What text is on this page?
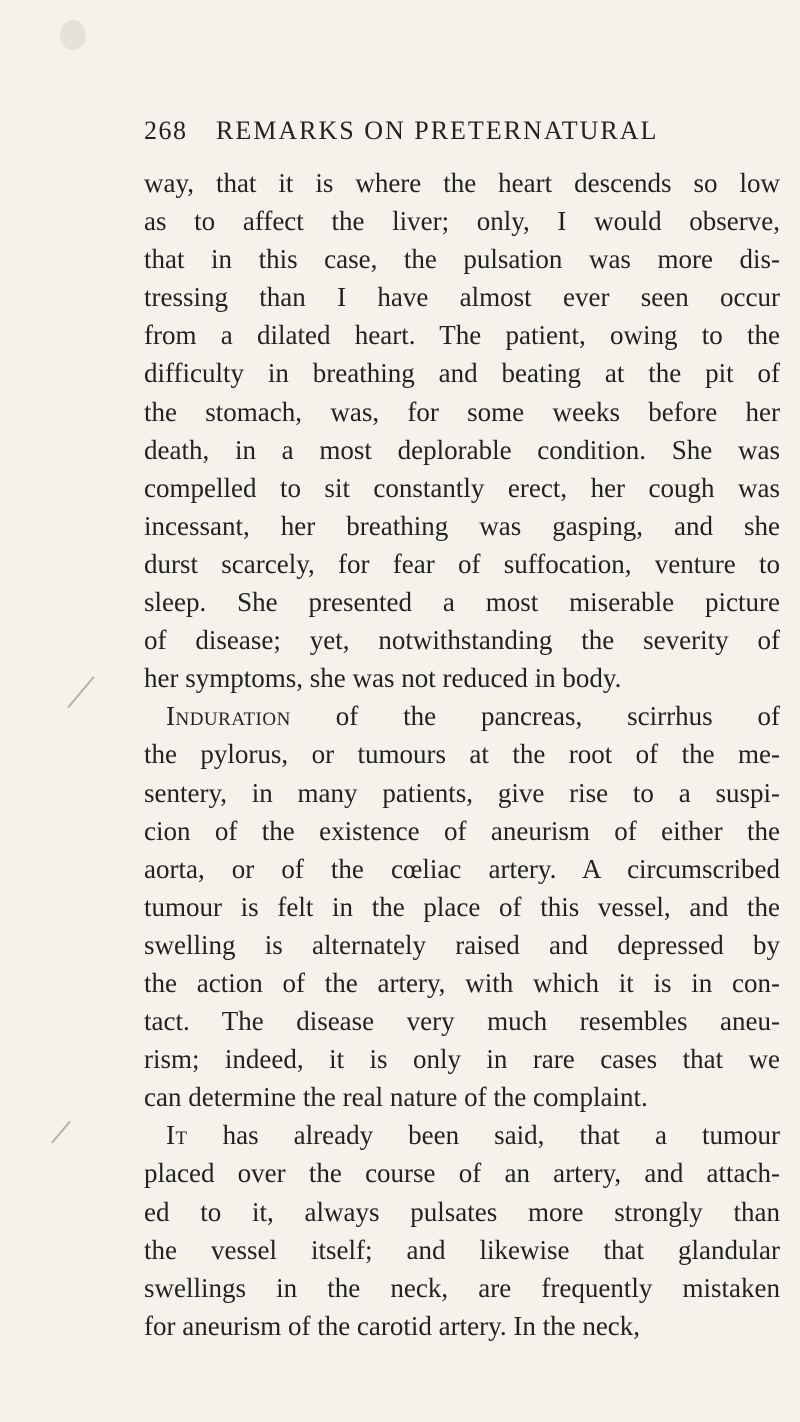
268	REMARKS ON PRETERNATURAL
way, that it is where the heart descends so low
as to affect the liver; only, I would observe,
that in this case, the pulsation was more dis-
tressing than I have almost ever seen occur
from a dilated heart. The patient, owing to the
difficulty in breathing and beating at the pit of
the stomach, was, for some weeks before her
death, in a most deplorable condition. She was
compelled to sit constantly erect, her cough was
incessant, her breathing was gasping, and she
durst scarcely, for fear of suffocation, venture to
sleep. She presented a most miserable picture
of disease; yet, notwithstanding the severity of
her symptoms, she was not reduced in body.
Induration of the pancreas, scirrhus of
the pylorus, or tumours at the root of the me-
sentery, in many patients, give rise to a suspi-
cion of the existence of aneurism of either the
aorta, or of the cœliac artery. A circumscribed
tumour is felt in the place of this vessel, and the
swelling is alternately raised and depressed by
the action of the artery, with which it is in con-
tact. The disease very much resembles aneu-
rism; indeed, it is only in rare cases that we
can determine the real nature of the complaint.
It has already been said, that a tumour
placed over the course of an artery, and attach-
ed to it, always pulsates more strongly than
the vessel itself; and likewise that glandular
swellings in the neck, are frequently mistaken
for aneurism of the carotid artery. In the neck,
